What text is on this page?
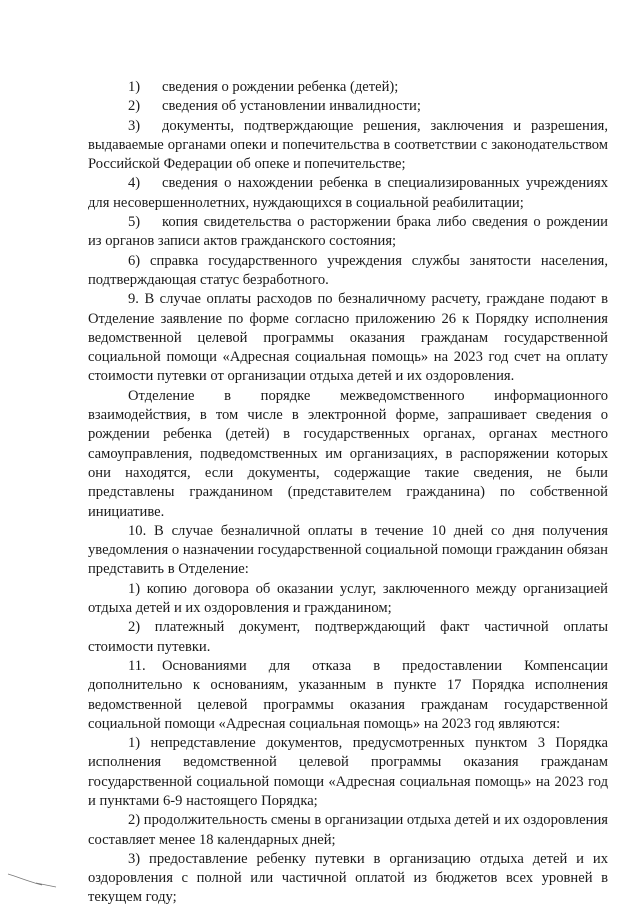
1) сведения о рождении ребенка (детей);

2) сведения об установлении инвалидности;

3) документы, подтверждающие решения, заключения и разрешения, выдаваемые органами опеки и попечительства в соответствии с законодательством Российской Федерации об опеке и попечительстве;

4) сведения о нахождении ребенка в специализированных учреждениях для несовершеннолетних, нуждающихся в социальной реабилитации;

5) копия свидетельства о расторжении брака либо сведения о рождении из органов записи актов гражданского состояния;

6) справка государственного учреждения службы занятости населения, подтверждающая статус безработного.

9. В случае оплаты расходов по безналичному расчету, граждане подают в Отделение заявление по форме согласно приложению 26 к Порядку исполнения ведомственной целевой программы оказания гражданам государственной социальной помощи «Адресная социальная помощь» на 2023 год счет на оплату стоимости путевки от организации отдыха детей и их оздоровления.

Отделение в порядке межведомственного информационного взаимодействия, в том числе в электронной форме, запрашивает сведения о рождении ребенка (детей) в государственных органах, органах местного самоуправления, подведомственных им организациях, в распоряжении которых они находятся, если документы, содержащие такие сведения, не были представлены гражданином (представителем гражданина) по собственной инициативе.

10. В случае безналичной оплаты в течение 10 дней со дня получения уведомления о назначении государственной социальной помощи гражданин обязан представить в Отделение:

1) копию договора об оказании услуг, заключенного между организацией отдыха детей и их оздоровления и гражданином;

2) платежный документ, подтверждающий факт частичной оплаты стоимости путевки.

11. Основаниями для отказа в предоставлении Компенсации дополнительно к основаниям, указанным в пункте 17 Порядка исполнения ведомственной целевой программы оказания гражданам государственной социальной помощи «Адресная социальная помощь» на 2023 год являются:

1) непредставление документов, предусмотренных пунктом 3 Порядка исполнения ведомственной целевой программы оказания гражданам государственной социальной помощи «Адресная социальная помощь» на 2023 год и пунктами 6-9 настоящего Порядка;

2) продолжительность смены в организации отдыха детей и их оздоровления составляет менее 18 календарных дней;

3) предоставление ребенку путевки в организацию отдыха детей и их оздоровления с полной или частичной оплатой из бюджетов всех уровней в текущем году;
